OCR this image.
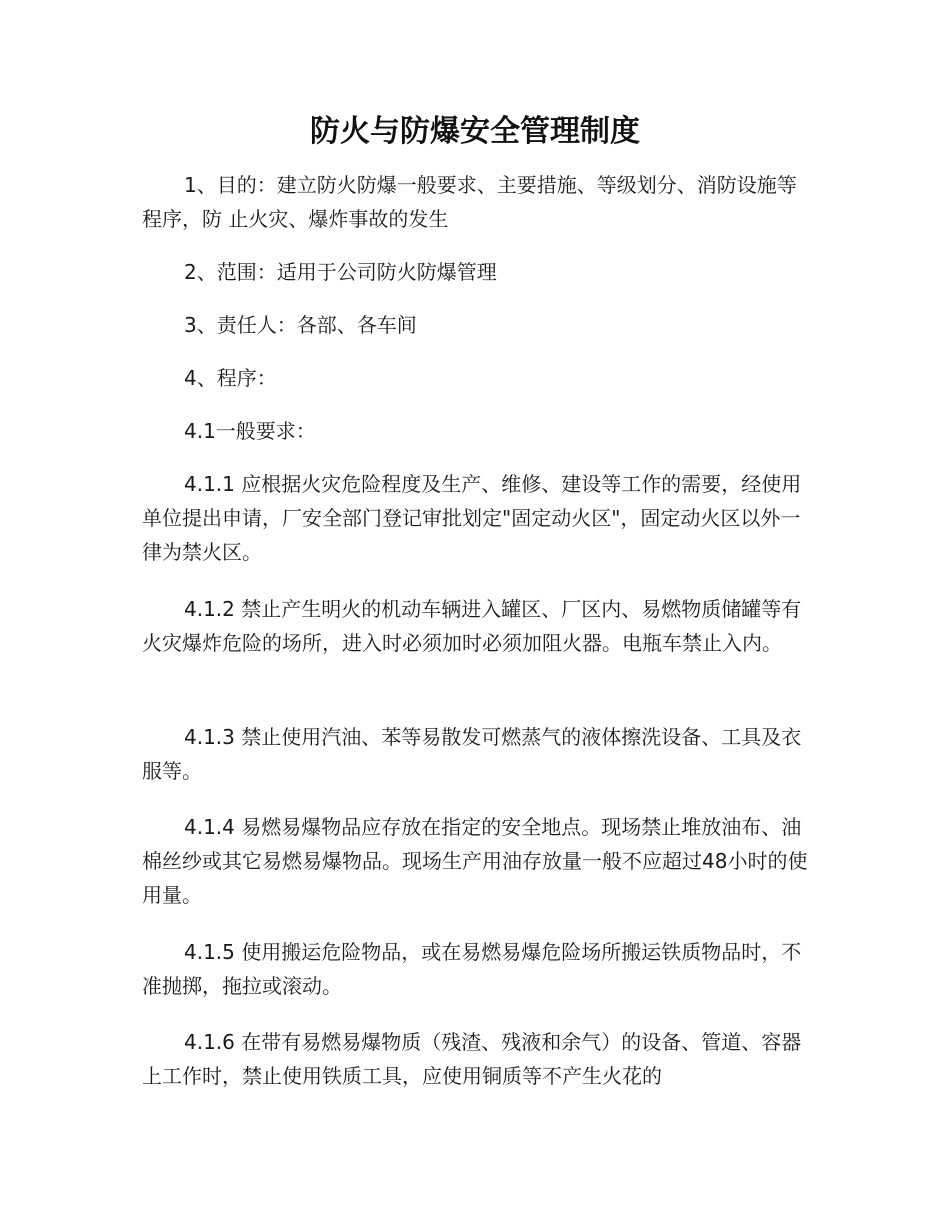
防火与防爆安全管理制度

1、目的：建立防火防爆一般要求、主要措施、等级划分、消防设施等程序，防 止火灾、爆炸事故的发生

2、范围：适用于公司防火防爆管理

3、责任人：各部、各车间

4、程序：

4.1一般要求：

4.1.1 应根据火灾危险程度及生产、维修、建设等工作的需要，经使用单位提出申请，厂安全部门登记审批划定"固定动火区"，固定动火区以外一律为禁火区。

4.1.2 禁止产生明火的机动车辆进入罐区、厂区内、易燃物质储罐等有火灾爆炸危险的场所，进入时必须加时必须加阻火器。电瓶车禁止入内。

4.1.3 禁止使用汽油、苯等易散发可燃蒸气的液体擦洗设备、工具及衣服等。

4.1.4 易燃易爆物品应存放在指定的安全地点。现场禁止堆放油布、油棉丝纱或其它易燃易爆物品。现场生产用油存放量一般不应超过48小时的使用量。

4.1.5 使用搬运危险物品，或在易燃易爆危险场所搬运铁质物品时，不准抛掷，拖拉或滚动。

4.1.6 在带有易燃易爆物质（残渣、残液和余气）的设备、管道、容器上工作时，禁止使用铁质工具，应使用铜质等不产生火花的
